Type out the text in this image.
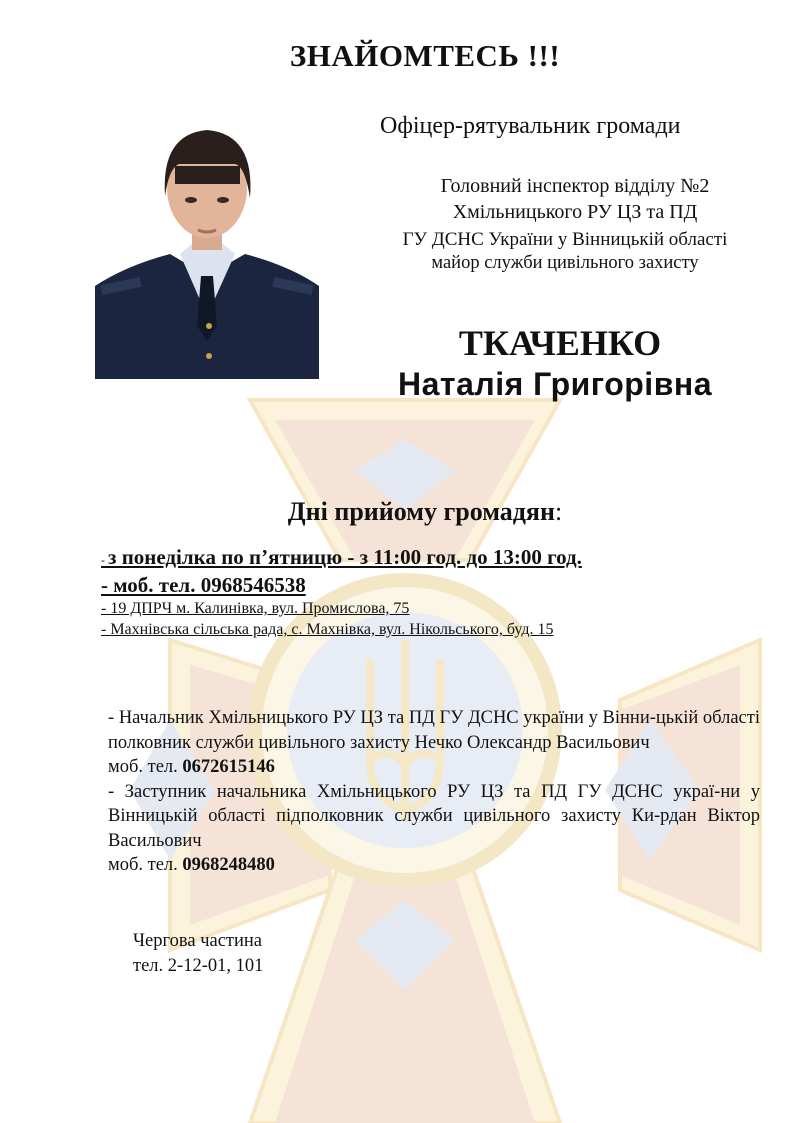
ЗНАЙОМТЕСЬ !!!
Офіцер-рятувальник громади
Головний інспектор відділу №2
Хмільницького РУ ЦЗ та ПД
ГУ ДСНС України у Вінницькій області
майор служби цивільного захисту
ТКАЧЕНКО
Наталія Григорівна
Дні прийому громадян:
- з понеділка по п’ятницю - з 11:00 год. до 13:00 год.
- моб. тел. 0968546538
- 19 ДПРЧ м. Калинівка, вул. Промислова, 75
- Махнівська сільська рада, с. Махнівка, вул. Нікольського, буд. 15

- Начальник Хмільницького РУ ЦЗ та ПД ГУ ДСНС україни у Вінни-цькій області полковник служби цивільного захисту Нечко Олександр Васильович

моб. тел. 0672615146

- Заступник начальника Хмільницького РУ ЦЗ та ПД ГУ ДСНС украї-ни у Вінницькій області підполковник служби цивільного захисту Ки-рдан Віктор Васильович

моб. тел. 0968248480

Чергова частина
тел. 2-12-01, 101
